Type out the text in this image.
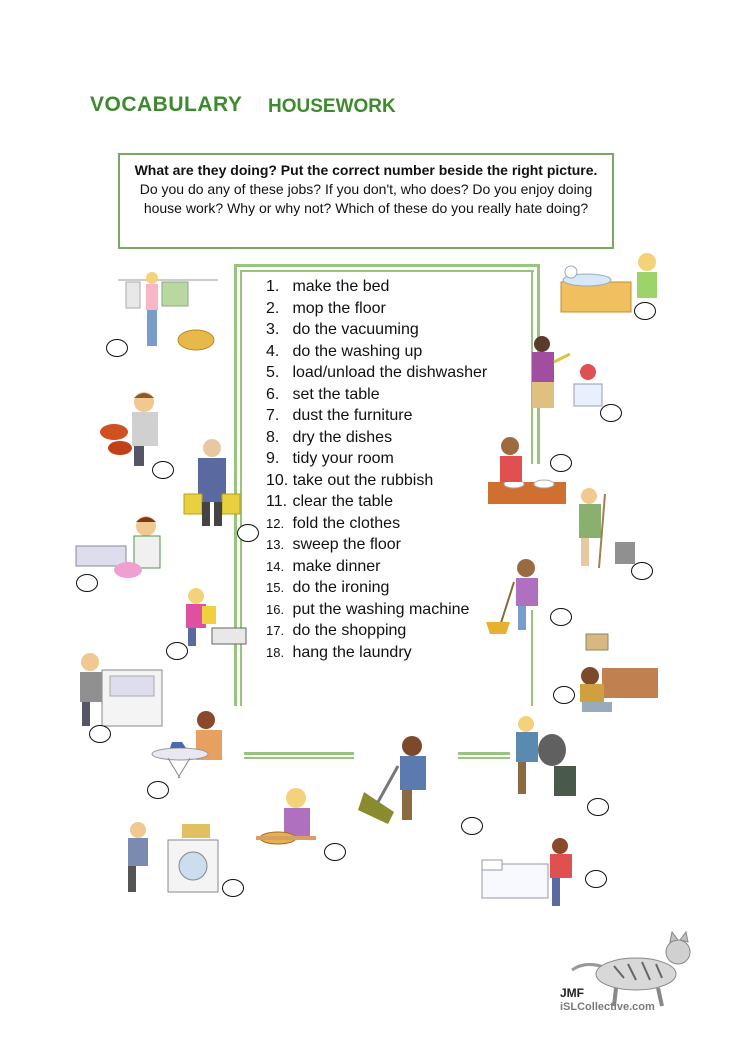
VOCABULARY HOUSEWORK
What are they doing? Put the correct number beside the right picture. Do you do any of these jobs? If you don't, who does? Do you enjoy doing house work? Why or why not? Which of these do you really hate doing?
1. make the bed
2. mop the floor
3. do the vacuuming
4. do the washing up
5. load/unload the dishwasher
6. set the table
7. dust the furniture
8. dry the dishes
9. tidy your room
10. take out the rubbish
11. clear the table
12. fold the clothes
13. sweep the floor
14. make dinner
15. do the ironing
16. put the washing machine
17. do the shopping
18. hang the laundry
JMF
iSLCollective.com
